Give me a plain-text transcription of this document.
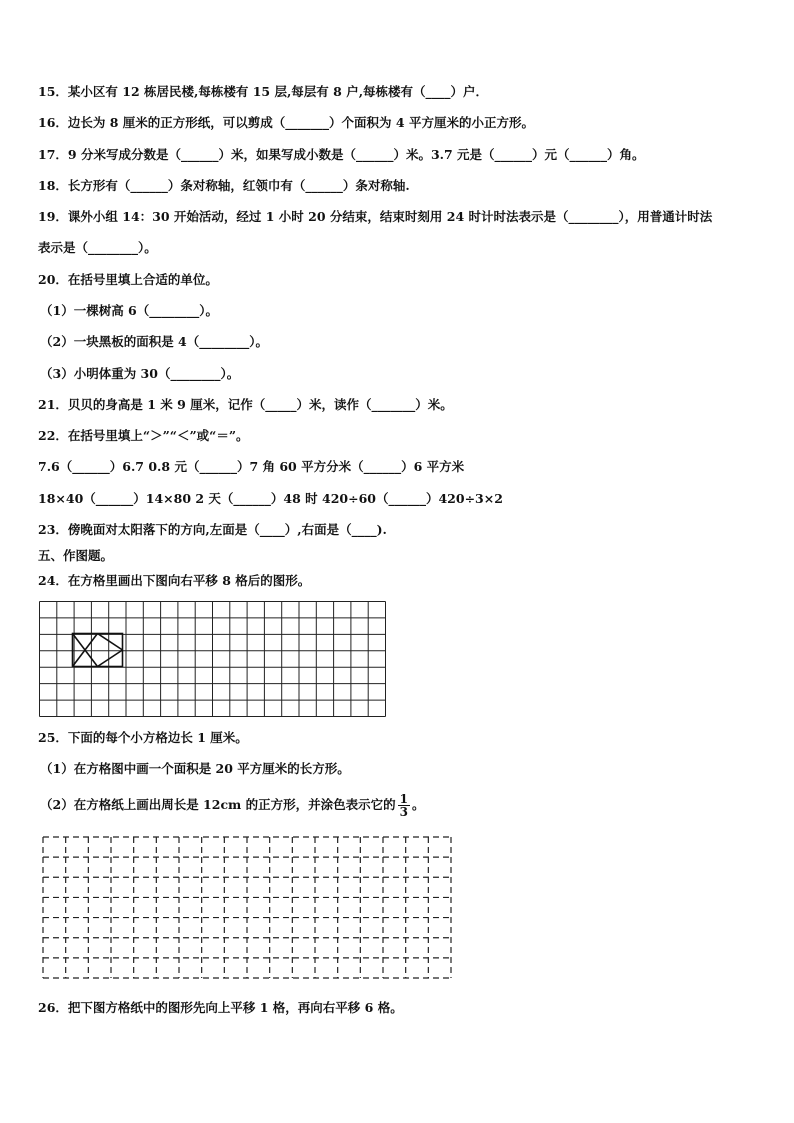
15．某小区有 12 栋居民楼,每栋楼有 15 层,每层有 8 户,每栋楼有（____）户．
16．边长为 8 厘米的正方形纸，可以剪成（_______）个面积为 4 平方厘米的小正方形。
17．9 分米写成分数是（______）米，如果写成小数是（______）米。3.7 元是（______）元（______）角。
18．长方形有（______）条对称轴，红领巾有（______）条对称轴.
19．课外小组 14：30 开始活动，经过 1 小时 20 分结束，结束时刻用 24 时计时法表示是（________），用普通计时法
表示是（________）。
20．在括号里填上合适的单位。
（1）一棵树高 6（________）。
（2）一块黑板的面积是 4（________）。
（3）小明体重为 30（________）。
21．贝贝的身高是 1 米 9 厘米，记作（_____）米，读作（_______）米。
22．在括号里填上“＞”“＜”或“＝”。
7.6（______）6.7 0.8 元（______）7 角 60 平方分米（______）6 平方米
18×40（______）14×80 2 天（______）48 时 420÷60（______）420÷3×2
23．傍晚面对太阳落下的方向,左面是（____）,右面是（____).
五、作图题。
24．在方格里画出下图向右平移 8 格后的图形。
25．下面的每个小方格边长 1 厘米。
（1）在方格图中画一个面积是 20 平方厘米的长方形。
（2）在方格纸上画出周长是 12cm 的正方形，并涂色表示它的 $\frac{1}{3}$ 。
26．把下图方格纸中的图形先向上平移 1 格，再向右平移 6 格。
